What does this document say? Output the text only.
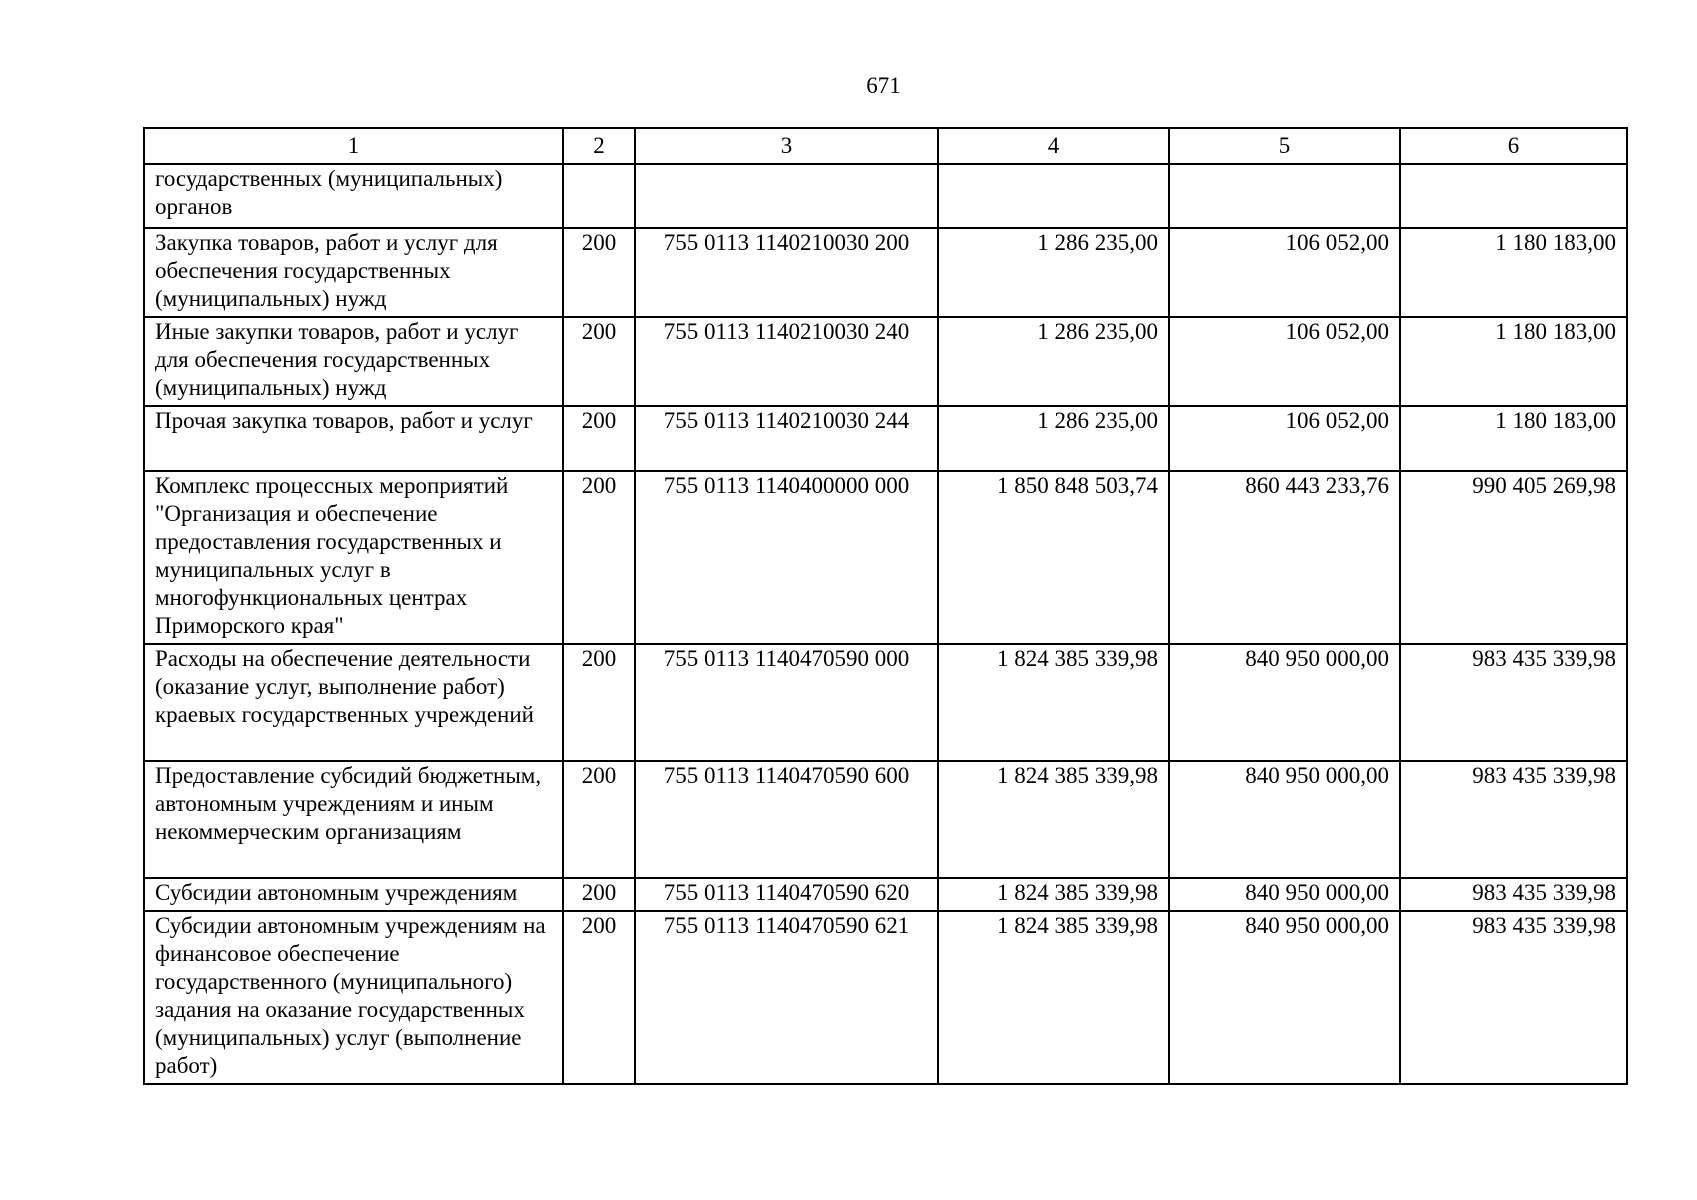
671
1	2	3	4	5	6
государственных (муниципальных) органов					
Закупка товаров, работ и услуг для обеспечения государственных (муниципальных) нужд	200	755 0113 1140210030 200	1 286 235,00	106 052,00	1 180 183,00
Иные закупки товаров, работ и услуг для обеспечения государственных (муниципальных) нужд	200	755 0113 1140210030 240	1 286 235,00	106 052,00	1 180 183,00
Прочая закупка товаров, работ и услуг	200	755 0113 1140210030 244	1 286 235,00	106 052,00	1 180 183,00
Комплекс процессных мероприятий "Организация и обеспечение предоставления государственных и муниципальных услуг в многофункциональных центрах Приморского края"	200	755 0113 1140400000 000	1 850 848 503,74	860 443 233,76	990 405 269,98
Расходы на обеспечение деятельности (оказание услуг, выполнение работ) краевых государственных учреждений	200	755 0113 1140470590 000	1 824 385 339,98	840 950 000,00	983 435 339,98
Предоставление субсидий бюджетным, автономным учреждениям и иным некоммерческим организациям	200	755 0113 1140470590 600	1 824 385 339,98	840 950 000,00	983 435 339,98
Субсидии автономным учреждениям	200	755 0113 1140470590 620	1 824 385 339,98	840 950 000,00	983 435 339,98
Субсидии автономным учреждениям на финансовое обеспечение государственного (муниципального) задания на оказание государственных (муниципальных) услуг (выполнение работ)	200	755 0113 1140470590 621	1 824 385 339,98	840 950 000,00	983 435 339,98
